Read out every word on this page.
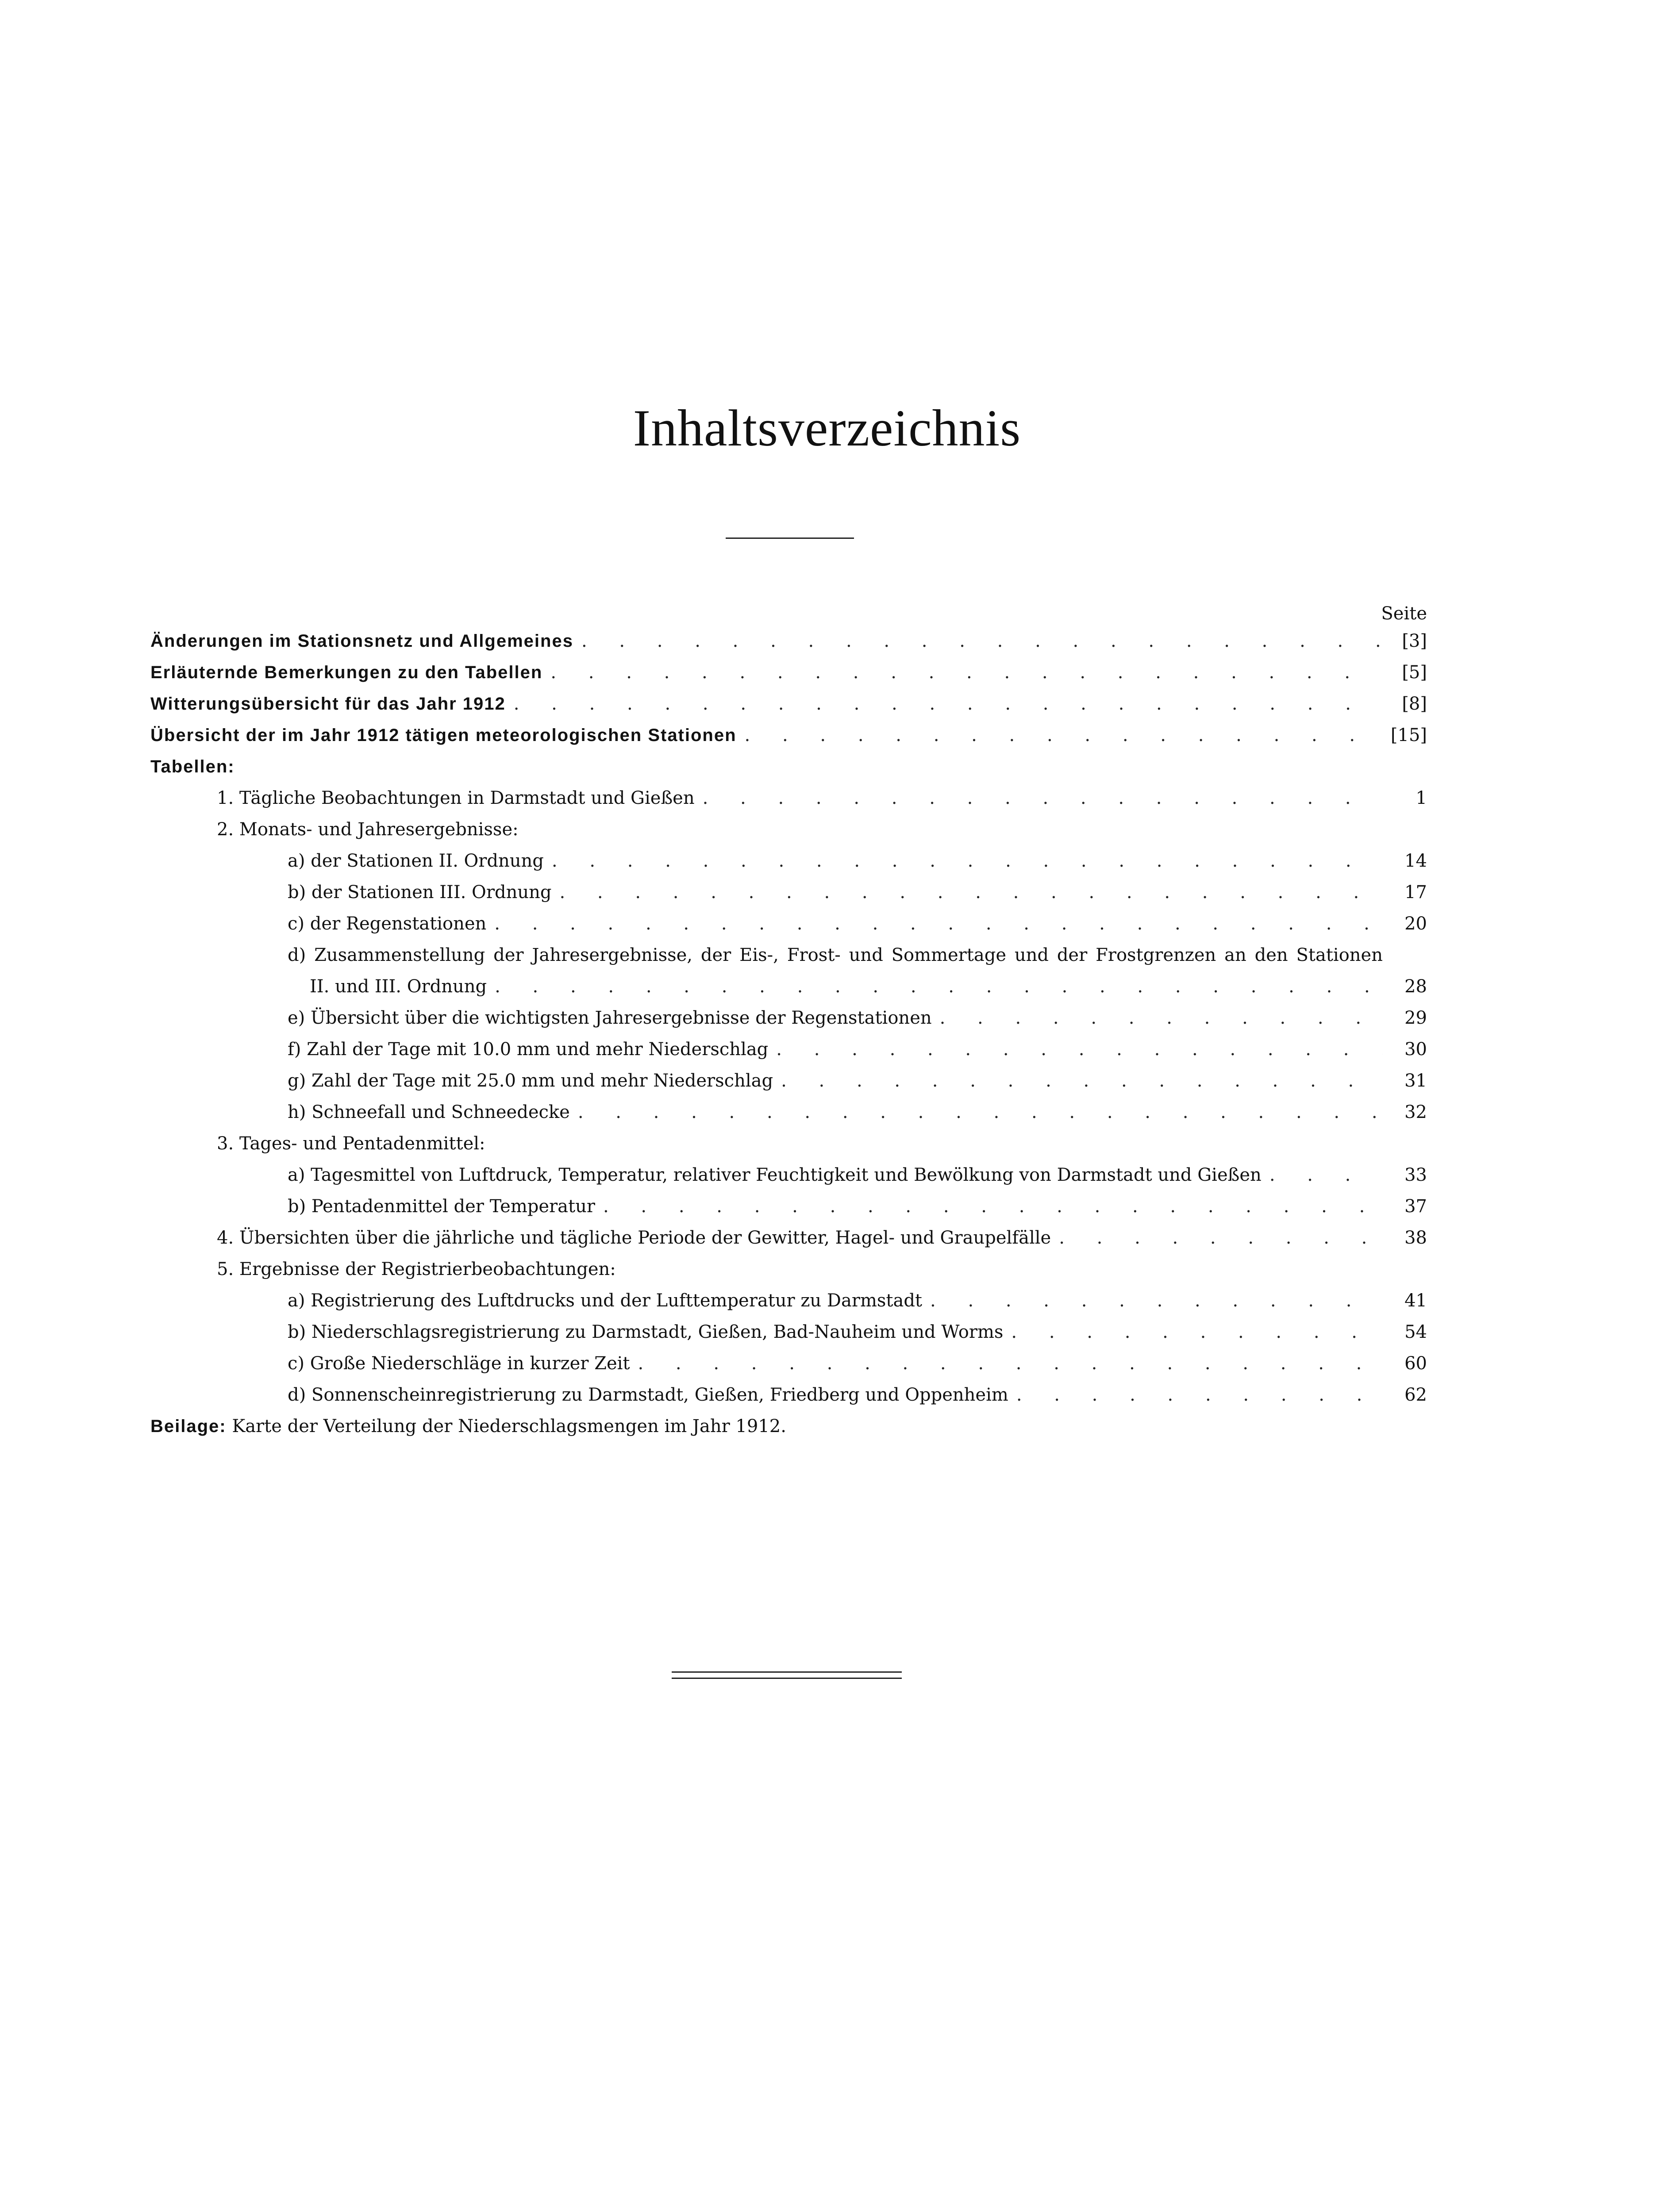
Inhaltsverzeichnis
Seite
Änderungen im Stationsnetz und Allgemeines . . .	[3]
Erläuternde Bemerkungen zu den Tabellen . . .	[5]
Witterungsübersicht für das Jahr 1912 . . .	[8]
Übersicht der im Jahr 1912 tätigen meteorologischen Stationen . . .	[15]
Tabellen:
1. Tägliche Beobachtungen in Darmstadt und Gießen . . .	1
2. Monats- und Jahresergebnisse:
a) der Stationen II. Ordnung . . .	14
b) der Stationen III. Ordnung . . .	17
c) der Regenstationen . . .	20
d) Zusammenstellung der Jahresergebnisse, der Eis-, Frost- und Sommertage und der Frostgrenzen an den Stationen
II. und III. Ordnung . . .	28
e) Übersicht über die wichtigsten Jahresergebnisse der Regenstationen . . .	29
f) Zahl der Tage mit 10.0 mm und mehr Niederschlag . . .	30
g) Zahl der Tage mit 25.0 mm und mehr Niederschlag . . .	31
h) Schneefall und Schneedecke . . .	32
3. Tages- und Pentadenmittel:
a) Tagesmittel von Luftdruck, Temperatur, relativer Feuchtigkeit und Bewölkung von Darmstadt und Gießen . . .	33
b) Pentadenmittel der Temperatur . . .	37
4. Übersichten über die jährliche und tägliche Periode der Gewitter, Hagel- und Graupelfälle . . .	38
5. Ergebnisse der Registrierbeobachtungen:
a) Registrierung des Luftdrucks und der Lufttemperatur zu Darmstadt . . .	41
b) Niederschlagsregistrierung zu Darmstadt, Gießen, Bad-Nauheim und Worms . . .	54
c) Große Niederschläge in kurzer Zeit . . .	60
d) Sonnenscheinregistrierung zu Darmstadt, Gießen, Friedberg und Oppenheim . . .	62
Beilage: Karte der Verteilung der Niederschlagsmengen im Jahr 1912.
